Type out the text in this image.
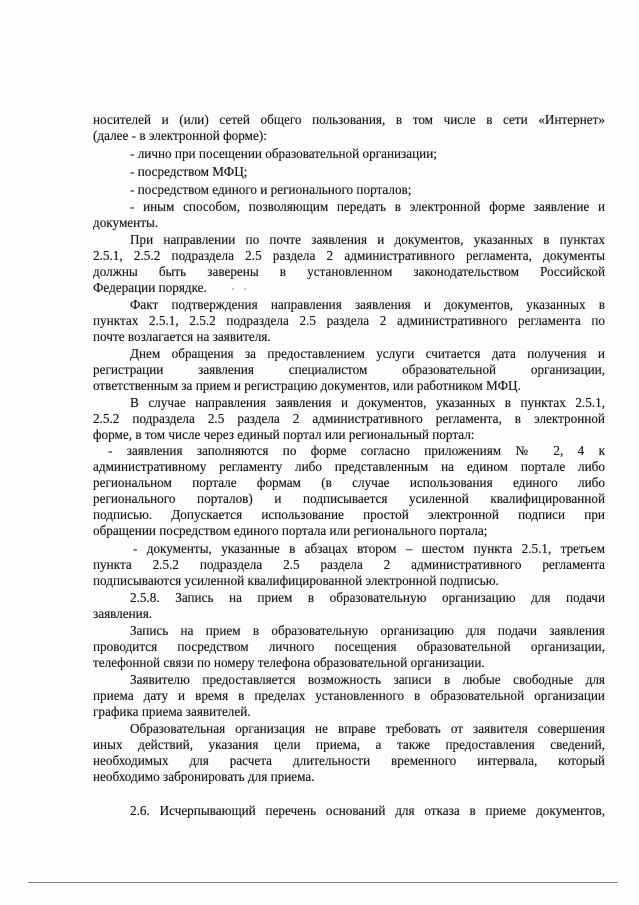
носителей и (или) сетей общего пользования, в том числе в сети «Интернет»
(далее - в электронной форме):
- лично при посещении образовательной организации;
- посредством МФЦ;
- посредством единого и регионального порталов;
- иным способом, позволяющим передать в электронной форме заявление и
документы.
При направлении по почте заявления и документов, указанных в пунктах
2.5.1, 2.5.2 подраздела 2.5 раздела 2 административного регламента, документы
должны быть заверены в установленном законодательством Российской
Федерации порядке.
Факт подтверждения направления заявления и документов, указанных в
пунктах 2.5.1, 2.5.2 подраздела 2.5 раздела 2 административного регламента по
почте возлагается на заявителя.
Днем обращения за предоставлением услуги считается дата получения и
регистрации заявления специалистом образовательной организации,
ответственным за прием и регистрацию документов, или работником МФЦ.
В случае направления заявления и документов, указанных в пунктах 2.5.1,
2.5.2 подраздела 2.5 раздела 2 административного регламента, в электронной
форме, в том числе через единый портал или региональный портал:
- заявления заполняются по форме согласно приложениям № 2, 4 к
административному регламенту либо представленным на едином портале либо
региональном портале формам (в случае использования единого либо
регионального порталов) и подписывается усиленной квалифицированной
подписью. Допускается использование простой электронной подписи при
обращении посредством единого портала или регионального портала;
- документы, указанные в абзацах втором – шестом пункта 2.5.1, третьем
пункта 2.5.2 подраздела 2.5 раздела 2 административного регламента
подписываются усиленной квалифицированной электронной подписью.
2.5.8. Запись на прием в образовательную организацию для подачи
заявления.
Запись на прием в образовательную организацию для подачи заявления
проводится посредством личного посещения образовательной организации,
телефонной связи по номеру телефона образовательной организации.
Заявителю предоставляется возможность записи в любые свободные для
приема дату и время в пределах установленного в образовательной организации
графика приема заявителей.
Образовательная организация не вправе требовать от заявителя совершения
иных действий, указания цели приема, а также предоставления сведений,
необходимых для расчета длительности временного интервала, который
необходимо забронировать для приема.
2.6. Исчерпывающий перечень оснований для отказа в приеме документов,
